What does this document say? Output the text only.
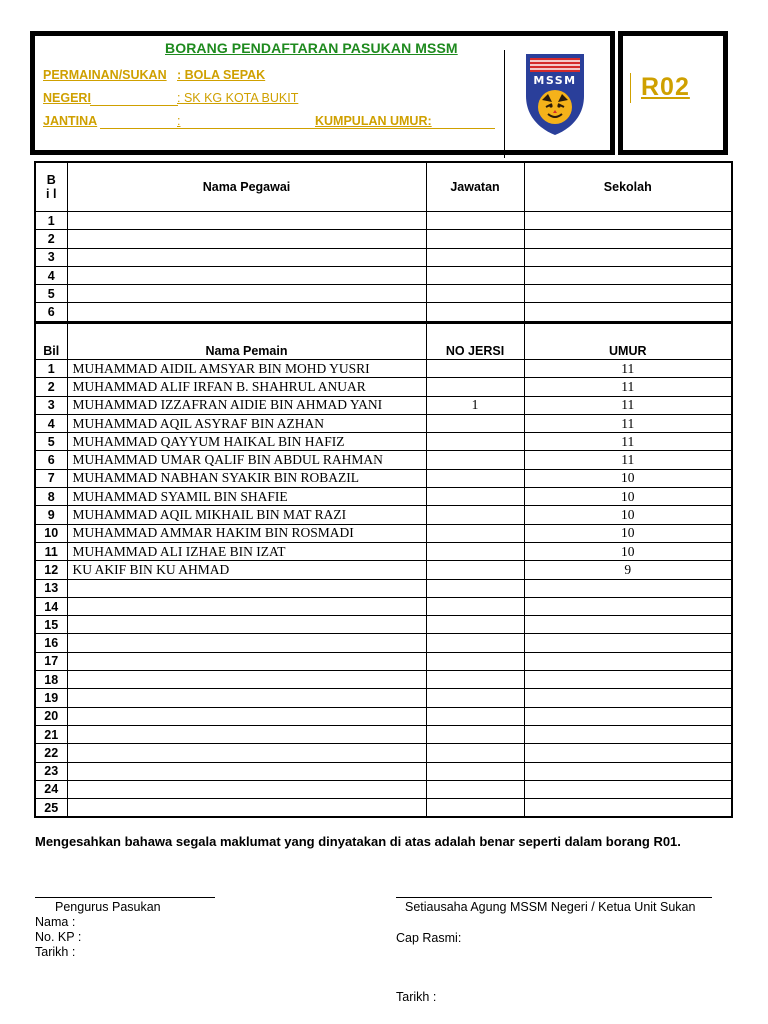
BORANG PENDAFTARAN PASUKAN MSSM
PERMAINAN/SUKAN : BOLA SEPAK
NEGERI	: SK KG KOTA BUKIT
JANTINA	:	KUMPULAN UMUR:
MSSM	R02
Bi l	Nama Pegawai	Jawatan	Sekolah
1			
2			
3			
4			
5			
6			
Bil	Nama Pemain	NO JERSI	UMUR
1	MUHAMMAD AIDIL AMSYAR BIN MOHD YUSRI		11
2	MUHAMMAD ALIF IRFAN B. SHAHRUL ANUAR		11
3	MUHAMMAD IZZAFRAN AIDIE BIN AHMAD YANI	1	11
4	MUHAMMAD AQIL ASYRAF BIN AZHAN		11
5	MUHAMMAD QAYYUM HAIKAL BIN HAFIZ		11
6	MUHAMMAD UMAR QALIF BIN ABDUL RAHMAN		11
7	MUHAMMAD NABHAN SYAKIR BIN ROBAZIL		10
8	MUHAMMAD SYAMIL BIN SHAFIE		10
9	MUHAMMAD AQIL MIKHAIL BIN MAT RAZI		10
10	MUHAMMAD AMMAR HAKIM BIN ROSMADI		10
11	MUHAMMAD ALI IZHAE BIN IZAT		10
12	KU AKIF BIN KU AHMAD		9
13			
14			
15			
16			
17			
18			
19			
20			
21			
22			
23			
24			
25			
Mengesahkan bahawa segala maklumat yang dinyatakan di atas adalah benar seperti dalam borang R01.
Pengurus Pasukan
Nama :
No. KP :
Tarikh :
Setiausaha Agung MSSM Negeri / Ketua Unit Sukan
Cap Rasmi:
Tarikh :
